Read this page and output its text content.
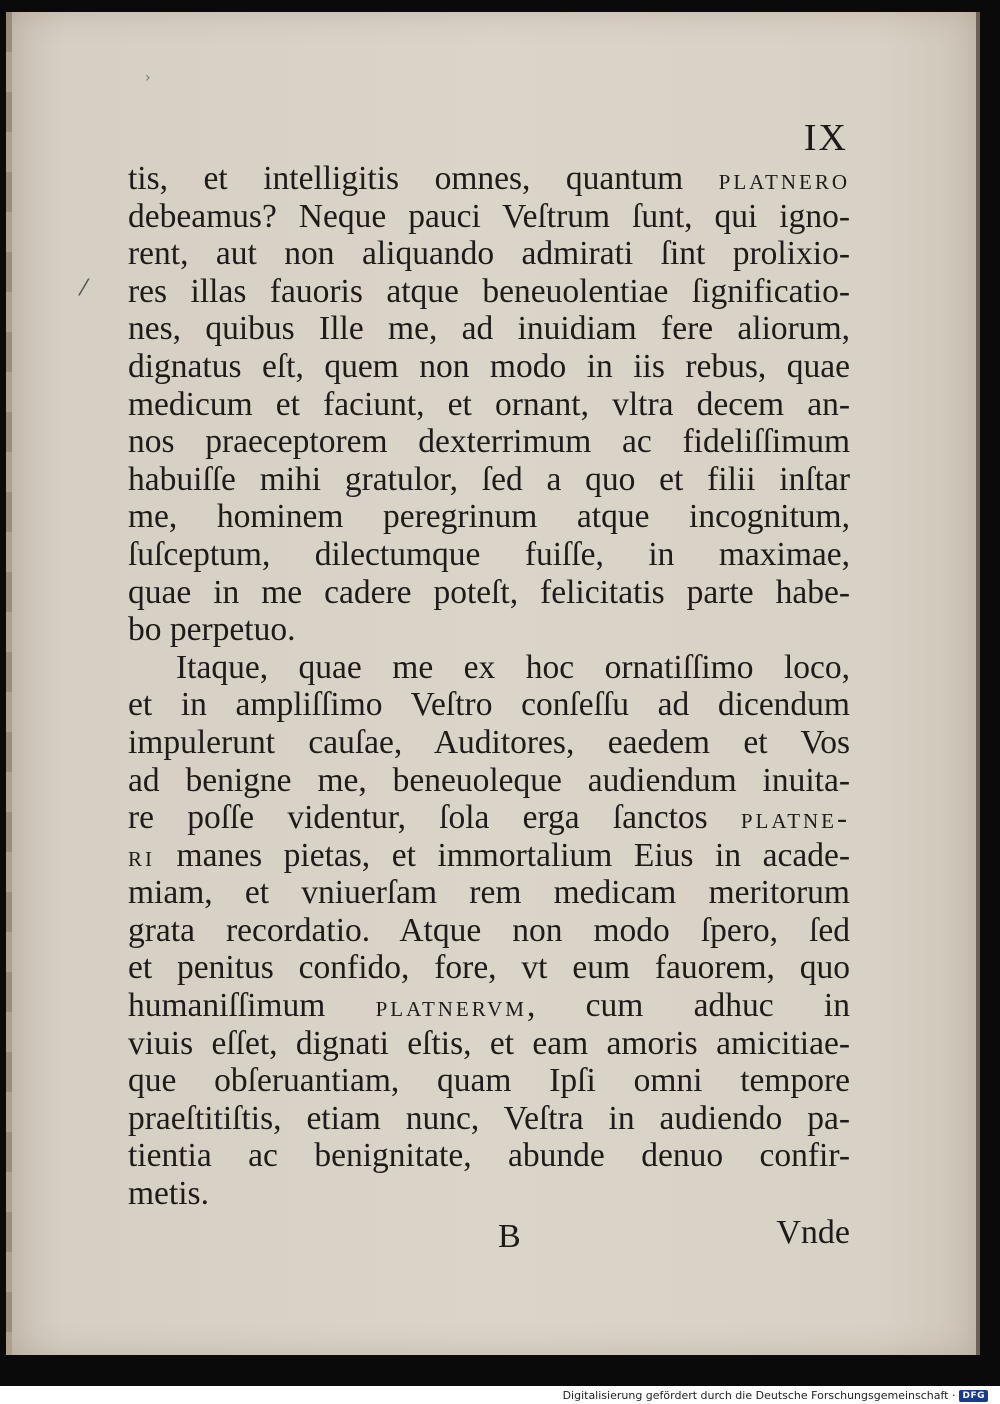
›
⁄
IX
tis, et intelligitis omnes, quantum platnero
debeamus? Neque pauci Veſtrum ſunt, qui igno-
rent, aut non aliquando admirati ſint prolixio-
res illas fauoris atque beneuolentiae ſignificatio-
nes, quibus Ille me, ad inuidiam fere aliorum,
dignatus eſt, quem non modo in iis rebus, quae
medicum et faciunt, et ornant, vltra decem an-
nos praeceptorem dexterrimum ac fideliſſimum
habuiſſe mihi gratulor, ſed a quo et filii inſtar
me, hominem peregrinum atque incognitum,
ſuſceptum, dilectumque fuiſſe, in maximae,
quae in me cadere poteſt, felicitatis parte habe-
bo perpetuo.
Itaque, quae me ex hoc ornatiſſimo loco,
et in ampliſſimo Veſtro conſeſſu ad dicendum
impulerunt cauſae, Auditores, eaedem et Vos
ad benigne me, beneuoleque audiendum inuita-
re poſſe videntur, ſola erga ſanctos platne-
ri manes pietas, et immortalium Eius in acade-
miam, et vniuerſam rem medicam meritorum
grata recordatio. Atque non modo ſpero, ſed
et penitus confido, fore, vt eum fauorem, quo
humaniſſimum platnervm, cum adhuc in
viuis eſſet, dignati eſtis, et eam amoris amicitiae-
que obſeruantiam, quam Ipſi omni tempore
praeſtitiſtis, etiam nunc, Veſtra in audiendo pa-
tientia ac benignitate, abunde denuo confir-
metis.
B	Vnde
Digitalisierung gefördert durch die Deutsche Forschungsgemeinschaft · DFG
